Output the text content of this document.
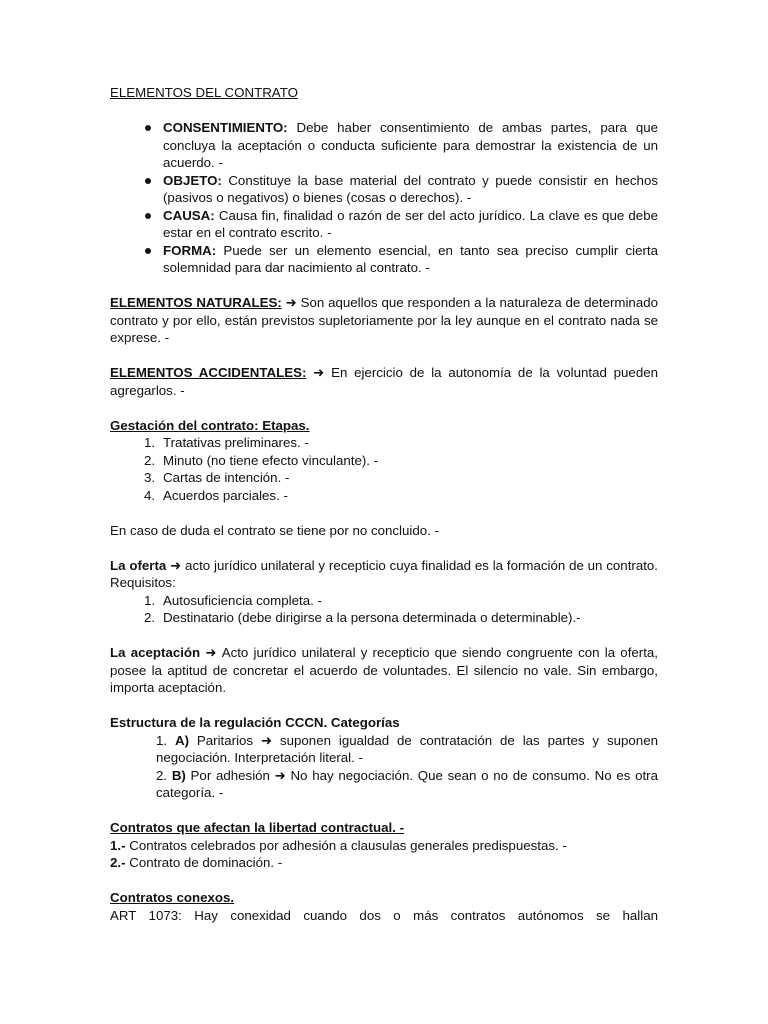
ELEMENTOS DEL CONTRATO

CONSENTIMIENTO: Debe haber consentimiento de ambas partes, para que concluya la aceptación o conducta suficiente para demostrar la existencia de un acuerdo. -
OBJETO: Constituye la base material del contrato y puede consistir en hechos (pasivos o negativos) o bienes (cosas o derechos). -
CAUSA: Causa fin, finalidad o razón de ser del acto jurídico. La clave es que debe estar en el contrato escrito. -
FORMA: Puede ser un elemento esencial, en tanto sea preciso cumplir cierta solemnidad para dar nacimiento al contrato. -

ELEMENTOS NATURALES: ➜ Son aquellos que responden a la naturaleza de determinado contrato y por ello, están previstos supletoriamente por la ley aunque en el contrato nada se exprese. -

ELEMENTOS ACCIDENTALES: ➜ En ejercicio de la autonomía de la voluntad pueden agregarlos. -

Gestación del contrato: Etapas.

1. Tratativas preliminares. -
2. Minuto (no tiene efecto vinculante). -
3. Cartas de intención. -
4. Acuerdos parciales. -

En caso de duda el contrato se tiene por no concluido. -

La oferta ➜ acto jurídico unilateral y recepticio cuya finalidad es la formación de un contrato. Requisitos:

1. Autosuficiencia completa. -
2. Destinatario (debe dirigirse a la persona determinada o determinable).-

La aceptación ➜ Acto jurídico unilateral y recepticio que siendo congruente con la oferta, posee la aptitud de concretar el acuerdo de voluntades. El silencio no vale. Sin embargo, importa aceptación.

Estructura de la regulación CCCN. Categorías

1. A) Paritarios ➜ suponen igualdad de contratación de las partes y suponen negociación. Interpretación literal. -

2. B) Por adhesión ➜ No hay negociación. Que sean o no de consumo. No es otra categoría. -

Contratos que afectan la libertad contractual. -

1.- Contratos celebrados por adhesión a clausulas generales predispuestas. -

2.- Contrato de dominación. -

Contratos conexos.

ART 1073: Hay conexidad cuando dos o más contratos autónomos se hallan
